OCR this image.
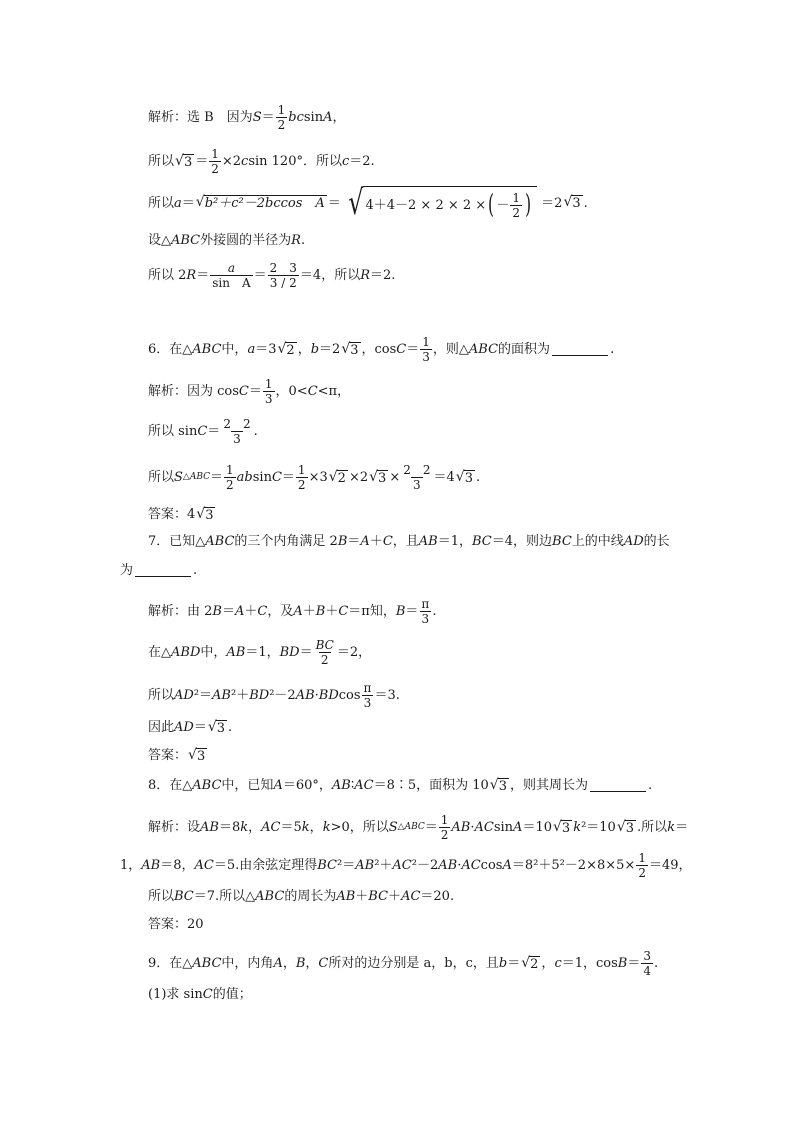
解析：选 B　因为 $S = \frac{1}{2}$ bc sin A ，
所以 √ $3 = \frac{1}{2} \times 2$ c sin 120°．所以 c ＝2.
所以 a ＝ √ b²＋c²－2bccos　A ＝ √ 4＋4－2 × 2 × 2 × ( － $\frac{1}{2}$ ) ＝2 √ 3 .
设△ ABC 外接圆的半径为 R .
所以 2 $R = \frac{a}{\text{sin　A}} = \frac{2 3}{3 / 2} =4$，所以 R ＝2.
6．在△ ABC 中， a ＝3 √ 2 ， b ＝2 √ 3 ，$\cos C = \frac{1}{3}$ ，则△ ABC 的面积为	.
解析：因为 $\cos C = \frac{1}{3}$ ，0< C <π，
所以 $\sin C = \frac{2 2}{3}$ .
所以 S △ABC ＝ $\frac{1}{2}$ ab $\sin C = \frac{1}{2} \times 3$ √ 2 ×2 √ $3 \times \frac{2 2}{3} =4$ √ 3 .
答案：4 √ 3
7．已知△ ABC 的三个内角满足 2 B ＝ A ＋ C ，且 AB ＝1， BC ＝4，则边 BC 上的中线 AD 的长
为	.
解析：由 2 B ＝ A ＋ C ，及 A ＋ B ＋ C ＝π知， $B = \frac{\pi}{3}$ .
在△ ABD 中， AB ＝1， BD ＝ $\frac{BC}{2} =2$，
所以 AD ²＝ AB ²＋ BD ²－2 AB · BD $\cos \frac{\pi}{3} =3$.
因此 AD ＝ √ 3 .
答案： √ 3
8．在△ ABC 中，已知 A ＝60°， AB ∶ AC ＝8∶5，面积为 10 √ 3 ，则其周长为	.
解析：设 AB ＝8 k ， AC ＝5 k ， k >0，所以 S △ABC ＝ $\frac{1}{2}$ AB · AC sin A ＝10 √ 3 k ²＝10 √ 3 .所以 k ＝
1， AB ＝8， AC ＝5.由余弦定理得 BC ²＝ AB ²＋ AC ²－2 AB · AC $\cos A =8^2+5^2-2\times 8\times 5\times \frac{1}{2} =49$，
所以 BC ＝7.所以△ ABC 的周长为 AB ＋ BC ＋ AC ＝20.
答案：20
9．在△ ABC 中，内角 A ， B ， C 所对的边分别是 a，b，c，且 b ＝ √ 2 ， c ＝1，$\cos B = \frac{3}{4}$ .
(1)求 sin C 的值；
